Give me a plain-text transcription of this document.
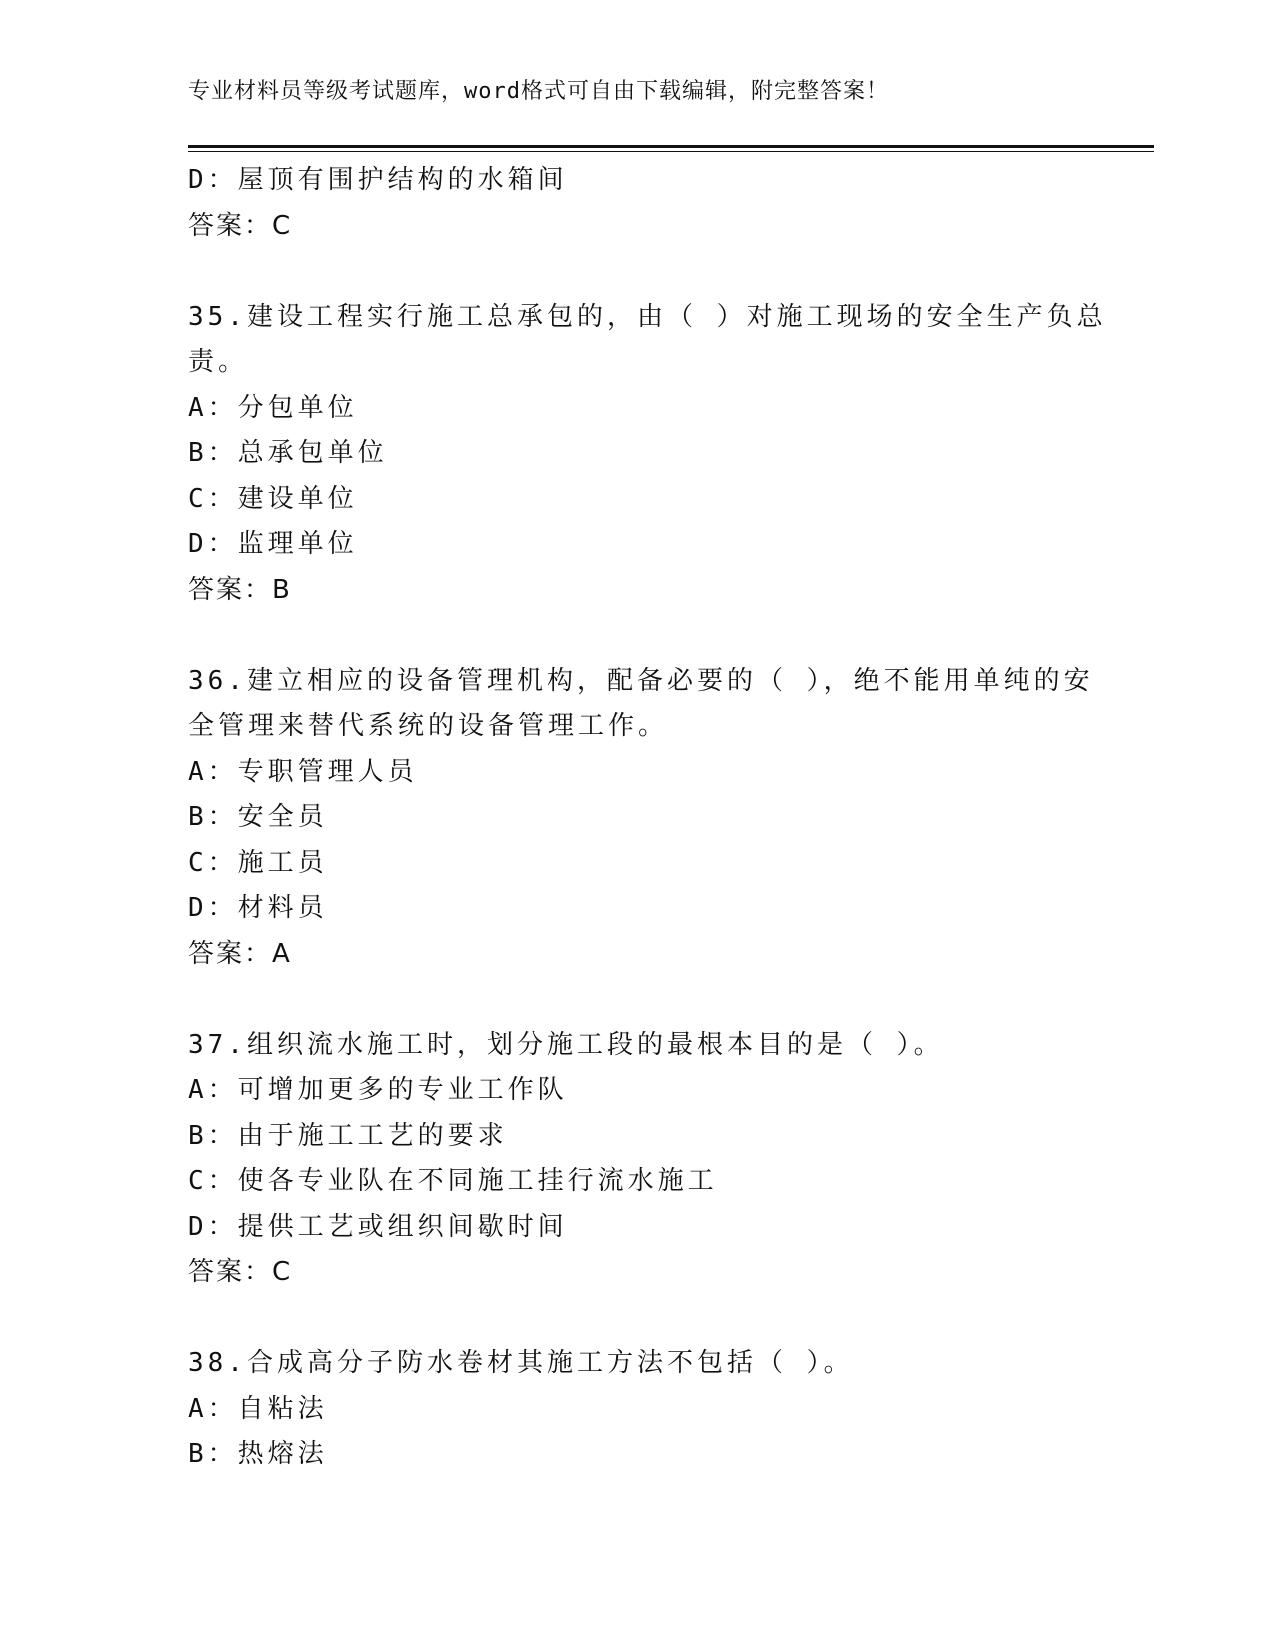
专业材料员等级考试题库，word格式可自由下载编辑，附完整答案！
D：屋顶有围护结构的水箱间
答案：C
35.建设工程实行施工总承包的，由（ ）对施工现场的安全生产负总
责。
A：分包单位
B：总承包单位
C：建设单位
D：监理单位
答案：B
36.建立相应的设备管理机构，配备必要的（ ），绝不能用单纯的安
全管理来替代系统的设备管理工作。
A：专职管理人员
B：安全员
C：施工员
D：材料员
答案：A
37.组织流水施工时，划分施工段的最根本目的是（ ）。
A：可增加更多的专业工作队
B：由于施工工艺的要求
C：使各专业队在不同施工挂行流水施工
D：提供工艺或组织间歇时间
答案：C
38.合成高分子防水卷材其施工方法不包括（ ）。
A：自粘法
B：热熔法
